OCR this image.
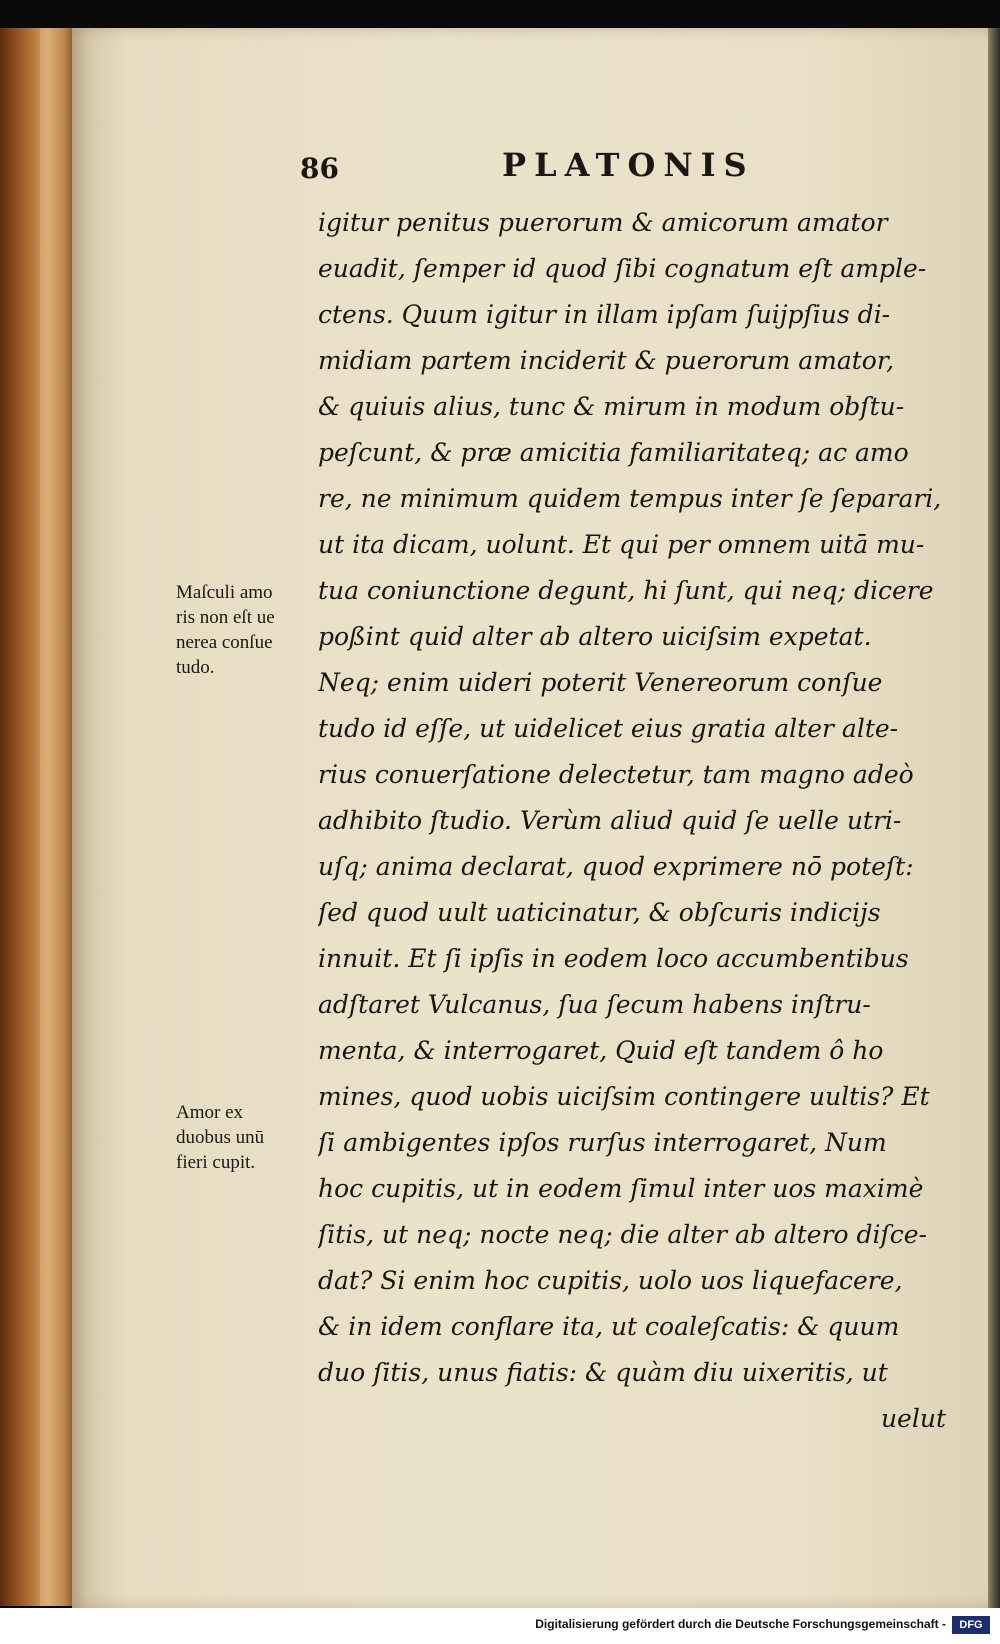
86	PLATONIS
igitur penitus puerorum & amicorum amator
euadit, ſemper id quod ſibi cognatum eſt ample-
ctens. Quum igitur in illam ipſam ſuijpſius di-
midiam partem inciderit & puerorum amator,
& quiuis alius, tunc & mirum in modum obſtu-
peſcunt, & præ amicitia familiaritateq; ac amo
re, ne minimum quidem tempus inter ſe ſeparari,
ut ita dicam, uolunt. Et qui per omnem uitā mu-
tua coniunctione degunt, hi ſunt, qui neq; dicere
poßint quid alter ab altero uiciſsim expetat.
Neq; enim uideri poterit Venereorum conſue
tudo id eſſe, ut uidelicet eius gratia alter alte-
rius conuerſatione delectetur, tam magno adeò
adhibito ſtudio. Verùm aliud quid ſe uelle utri-
uſq; anima declarat, quod exprimere nō poteſt:
ſed quod uult uaticinatur, & obſcuris indicijs
innuit. Et ſi ipſis in eodem loco accumbentibus
adſtaret Vulcanus, ſua ſecum habens inſtru-
menta, & interrogaret, Quid eſt tandem ô ho
mines, quod uobis uiciſsim contingere uultis? Et
ſi ambigentes ipſos rurſus interrogaret, Num
hoc cupitis, ut in eodem ſimul inter uos maximè
ſitis, ut neq; nocte neq; die alter ab altero diſce-
dat? Si enim hoc cupitis, uolo uos liquefacere,
& in idem conflare ita, ut coaleſcatis: & quum
duo ſitis, unus fiatis: & quàm diu uixeritis, ut
uelut
Maſculi amo
ris non eſt ue
nerea conſue
tudo.
Amor ex
duobus unū
fieri cupit.
Digitalisierung gefördert durch die Deutsche Forschungsgemeinschaft -	DFG
